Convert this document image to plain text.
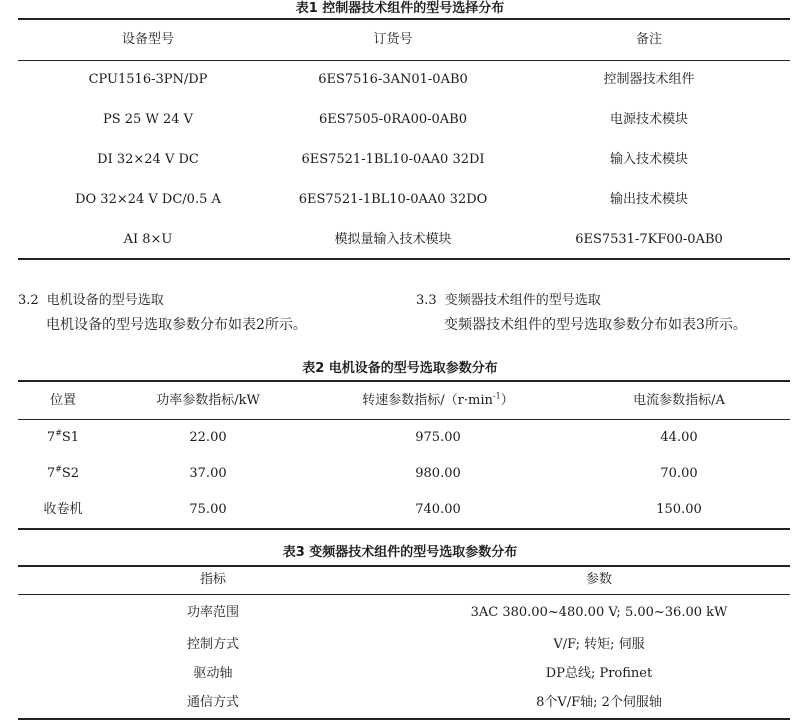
表1 控制器技术组件的型号选择分布
设备型号	订货号	备注
CPU1516-3PN/DP	6ES7516-3AN01-0AB0	控制器技术组件
PS 25 W 24 V	6ES7505-0RA00-0AB0	电源技术模块
DI 32×24 V DC	6ES7521-1BL10-0AA0 32DI	输入技术模块
DO 32×24 V DC/0.5 A	6ES7521-1BL10-0AA0 32DO	输出技术模块
AI 8×U	模拟量输入技术模块	6ES7531-7KF00-0AB0
3.2 电机设备的型号选取
电机设备的型号选取参数分布如表2所示。
3.3 变频器技术组件的型号选取
变频器技术组件的型号选取参数分布如表3所示。
表2 电机设备的型号选取参数分布
位置	功率参数指标/kW	转速参数指标$/(r\cdot\min^{-1})$	电流参数指标/A
7#S1	22.00	975.00	44.00
7#S2	37.00	980.00	70.00
收卷机	75.00	740.00	150.00
表3 变频器技术组件的型号选取参数分布
指标	参数
功率范围	3AC 380.00~480.00 V; 5.00~36.00 kW
控制方式	V/F; 转矩; 伺服
驱动轴	DP总线; Profinet
通信方式	8个V/F轴; 2个伺服轴
